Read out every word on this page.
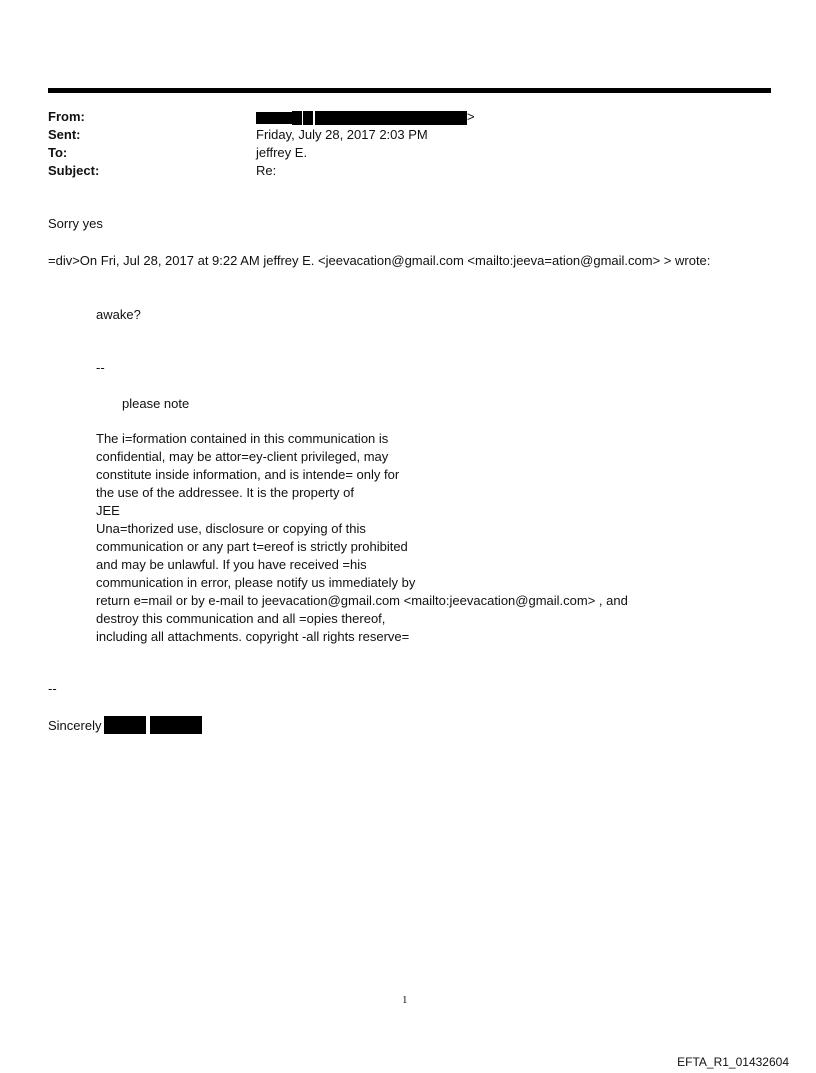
From:	>
Sent:	Friday, July 28, 2017 2:03 PM
To:	jeffrey E.
Subject:	Re:
Sorry yes
=div>On Fri, Jul 28, 2017 at 9:22 AM jeffrey E. <jeevacation@gmail.com <mailto:jeeva=ation@gmail.com> > wrote:
awake?
--
please note
The i=formation contained in this communication is
confidential, may be attor=ey-client privileged, may
constitute inside information, and is intende= only for
the use of the addressee. It is the property of
JEE
Una=thorized use, disclosure or copying of this
communication or any part t=ereof is strictly prohibited
and may be unlawful. If you have received =his
communication in error, please notify us immediately by
return e=mail or by e-mail to jeevacation@gmail.com <mailto:jeevacation@gmail.com> , and
destroy this communication and all =opies thereof,
including all attachments. copyright -all rights reserve=
--
Sincerely
1
EFTA_R1_01432604
